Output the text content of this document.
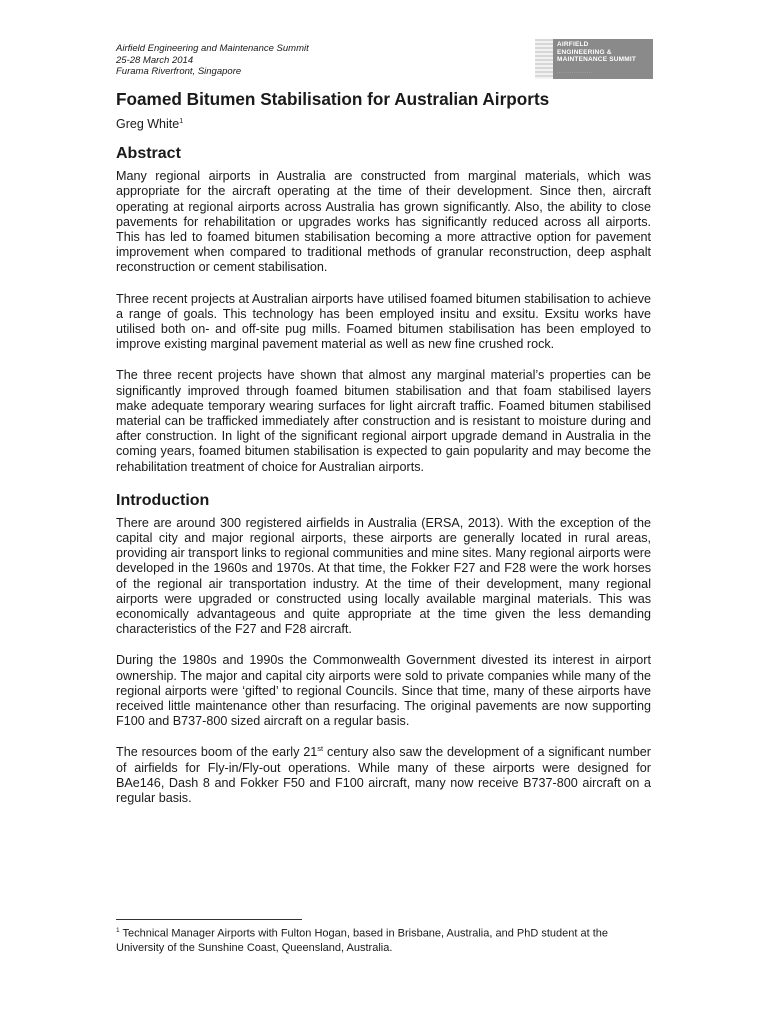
Airfield Engineering and Maintenance Summit
25-28 March 2014
Furama Riverfront, Singapore
AIRFIELD
ENGINEERING &
MAINTENANCE SUMMIT
· · · · · · · · · · · · · · · · ·
Foamed Bitumen Stabilisation for Australian Airports
Greg White$^1$
Abstract

Many regional airports in Australia are constructed from marginal materials, which was appropriate for the aircraft operating at the time of their development. Since then, aircraft operating at regional airports across Australia has grown significantly. Also, the ability to close pavements for rehabilitation or upgrades works has significantly reduced across all airports. This has led to foamed bitumen stabilisation becoming a more attractive option for pavement improvement when compared to traditional methods of granular reconstruction, deep asphalt reconstruction or cement stabilisation.

Three recent projects at Australian airports have utilised foamed bitumen stabilisation to achieve a range of goals. This technology has been employed insitu and exsitu. Exsitu works have utilised both on- and off-site pug mills. Foamed bitumen stabilisation has been employed to improve existing marginal pavement material as well as new fine crushed rock.

The three recent projects have shown that almost any marginal material’s properties can be significantly improved through foamed bitumen stabilisation and that foam stabilised layers make adequate temporary wearing surfaces for light aircraft traffic. Foamed bitumen stabilised material can be trafficked immediately after construction and is resistant to moisture during and after construction. In light of the significant regional airport upgrade demand in Australia in the coming years, foamed bitumen stabilisation is expected to gain popularity and may become the rehabilitation treatment of choice for Australian airports.

Introduction

There are around 300 registered airfields in Australia (ERSA, 2013). With the exception of the capital city and major regional airports, these airports are generally located in rural areas, providing air transport links to regional communities and mine sites. Many regional airports were developed in the 1960s and 1970s. At that time, the Fokker F27 and F28 were the work horses of the regional air transportation industry. At the time of their development, many regional airports were upgraded or constructed using locally available marginal materials. This was economically advantageous and quite appropriate at the time given the less demanding characteristics of the F27 and F28 aircraft.

During the 1980s and 1990s the Commonwealth Government divested its interest in airport ownership. The major and capital city airports were sold to private companies while many of the regional airports were ‘gifted’ to regional Councils. Since that time, many of these airports have received little maintenance other than resurfacing. The original pavements are now supporting F100 and B737-800 sized aircraft on a regular basis.

The resources boom of the early 21st century also saw the development of a significant number of airfields for Fly-in/Fly-out operations. While many of these airports were designed for BAe146, Dash 8 and Fokker F50 and F100 aircraft, many now receive B737-800 aircraft on a regular basis.

$^1$ Technical Manager Airports with Fulton Hogan, based in Brisbane, Australia, and PhD student at the University of the Sunshine Coast, Queensland, Australia.
